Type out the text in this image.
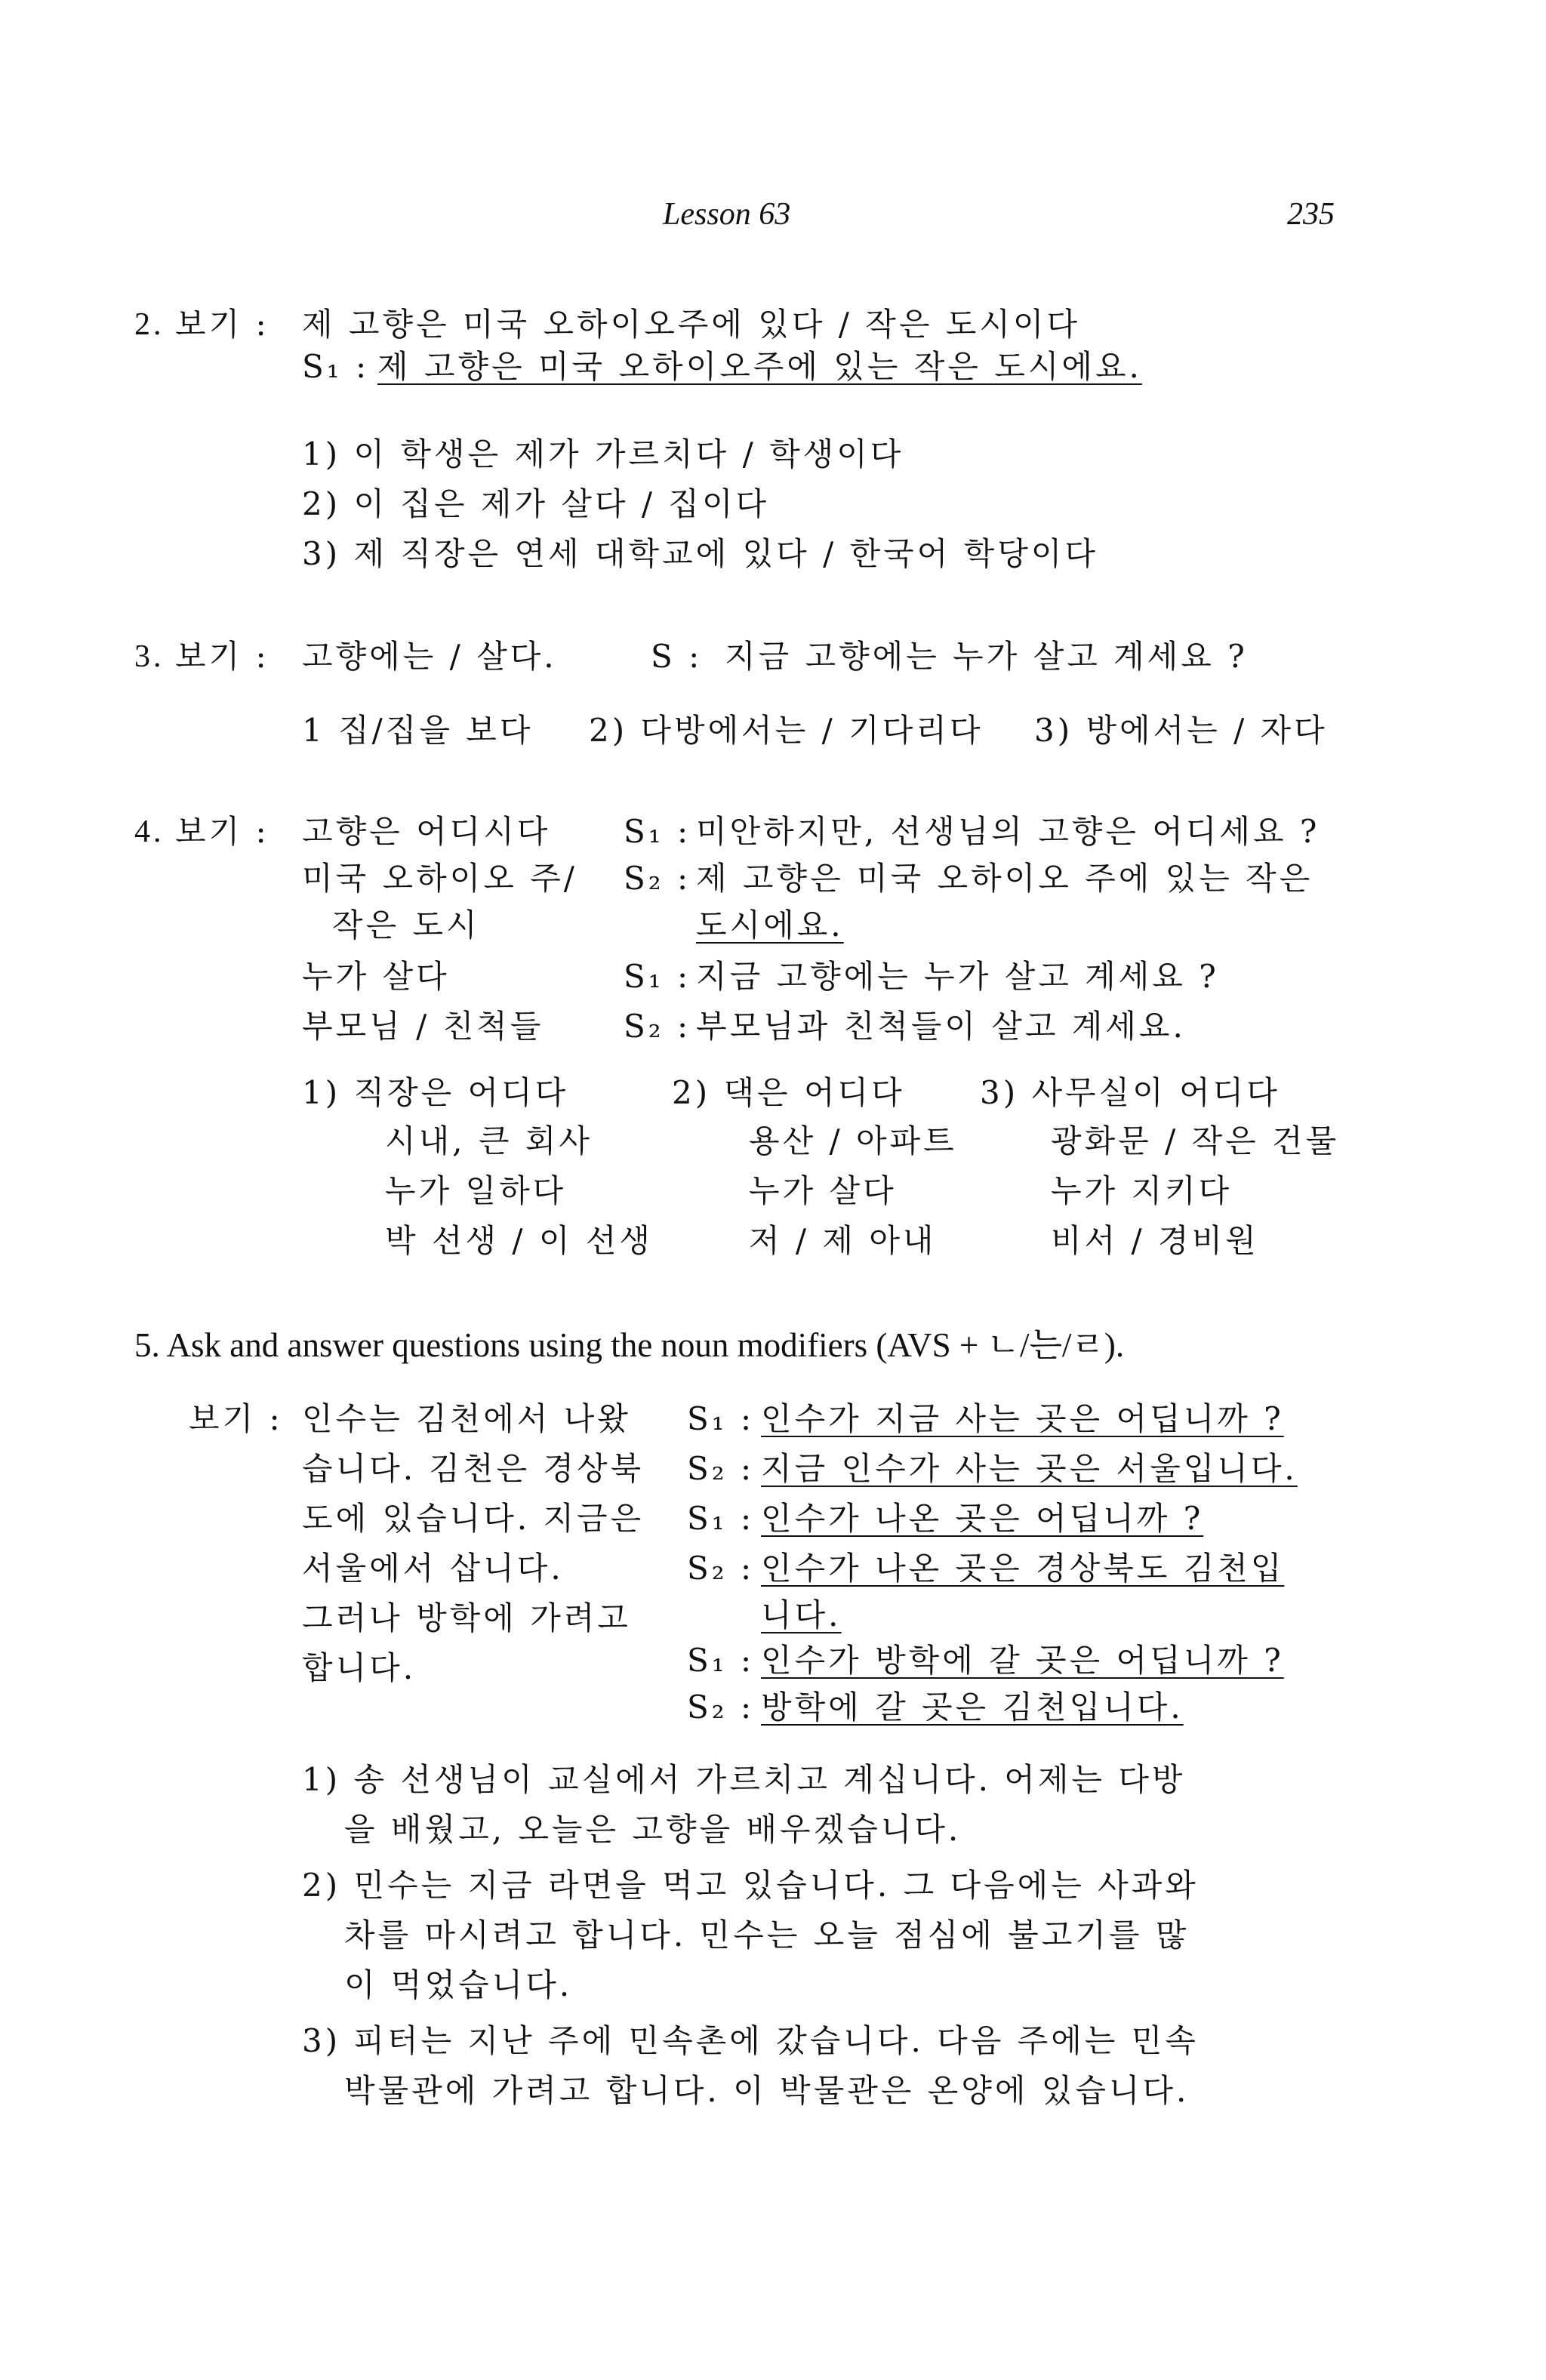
Lesson 63	235
2. 보기 : 제 고향은 미국 오하이오주에 있다 / 작은 도시이다
S₁ : 제 고향은 미국 오하이오주에 있는 작은 도시에요.
1) 이 학생은 제가 가르치다 / 학생이다
2) 이 집은 제가 살다 / 집이다
3) 제 직장은 연세 대학교에 있다 / 한국어 학당이다
3. 보기 : 고향에는 / 살다.	S : 지금 고향에는 누가 살고 계세요 ?
1 집/집을 보다 2) 다방에서는 / 기다리다 3) 방에서는 / 자다
4. 보기 : 고향은 어디시다
미국 오하이오 주/
작은 도시
누가 살다
부모님 / 친척들
S₁ : 미안하지만, 선생님의 고향은 어디세요 ?
S₂ : 제 고향은 미국 오하이오 주에 있는 작은
도시에요.
S₁ : 지금 고향에는 누가 살고 계세요 ?
S₂ : 부모님과 친척들이 살고 계세요.
1) 직장은 어디다
시내, 큰 회사
누가 일하다
박 선생 / 이 선생
2) 댁은 어디다
용산 / 아파트
누가 살다
저 / 제 아내
3) 사무실이 어디다
광화문 / 작은 건물
누가 지키다
비서 / 경비원
5. Ask and answer questions using the noun modifiers (AVS + ㄴ/는/ㄹ).
보기 : 인수는 김천에서 나왔
습니다. 김천은 경상북
도에 있습니다. 지금은
서울에서 삽니다.
그러나 방학에 가려고
합니다.
S₁ : 인수가 지금 사는 곳은 어딥니까 ?
S₂ : 지금 인수가 사는 곳은 서울입니다.
S₁ : 인수가 나온 곳은 어딥니까 ?
S₂ : 인수가 나온 곳은 경상북도 김천입
니다.
S₁ : 인수가 방학에 갈 곳은 어딥니까 ?
S₂ : 방학에 갈 곳은 김천입니다.
1) 송 선생님이 교실에서 가르치고 계십니다. 어제는 다방
을 배웠고, 오늘은 고향을 배우겠습니다.
2) 민수는 지금 라면을 먹고 있습니다. 그 다음에는 사과와
차를 마시려고 합니다. 민수는 오늘 점심에 불고기를 많
이 먹었습니다.
3) 피터는 지난 주에 민속촌에 갔습니다. 다음 주에는 민속
박물관에 가려고 합니다. 이 박물관은 온양에 있습니다.
